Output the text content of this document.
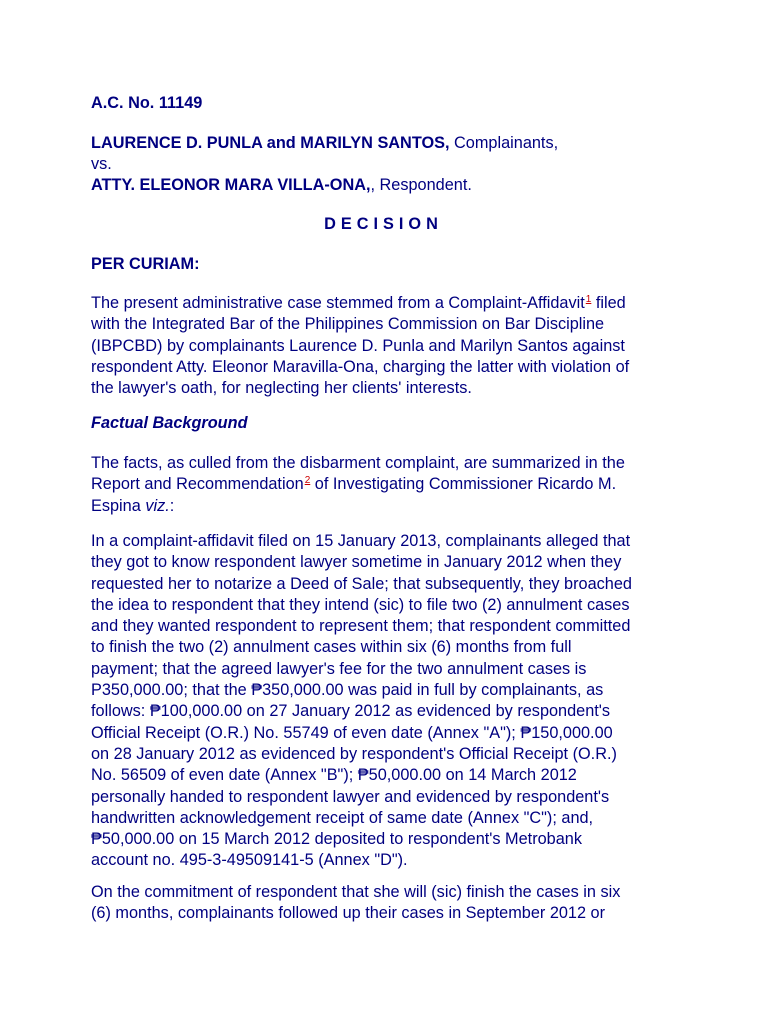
A.C. No. 11149
LAURENCE D. PUNLA and MARILYN SANTOS, Complainants,
vs.
ATTY. ELEONOR MARA VILLA-ONA,, Respondent.
DECISION
PER CURIAM:
The present administrative case stemmed from a Complaint-Affidavit$^1$ filed
with the Integrated Bar of the Philippines Commission on Bar Discipline
(IBPCBD) by complainants Laurence D. Punla and Marilyn Santos against
respondent Atty. Eleonor Maravilla-Ona, charging the latter with violation of
the lawyer's oath, for neglecting her clients' interests.
Factual Background
The facts, as culled from the disbarment complaint, are summarized in the
Report and Recommendation$^2$ of Investigating Commissioner Ricardo M.
Espina viz.:
In a complaint-affidavit filed on 15 January 2013, complainants alleged that
they got to know respondent lawyer sometime in January 2012 when they
requested her to notarize a Deed of Sale; that subsequently, they broached
the idea to respondent that they intend (sic) to file two (2) annulment cases
and they wanted respondent to represent them; that respondent committed
to finish the two (2) annulment cases within six (6) months from full
payment; that the agreed lawyer's fee for the two annulment cases is
P350,000.00; that the ₱350,000.00 was paid in full by complainants, as
follows: ₱100,000.00 on 27 January 2012 as evidenced by respondent's
Official Receipt (O.R.) No. 55749 of even date (Annex "A"); ₱150,000.00
on 28 January 2012 as evidenced by respondent's Official Receipt (O.R.)
No. 56509 of even date (Annex "B"); ₱50,000.00 on 14 March 2012
personally handed to respondent lawyer and evidenced by respondent's
handwritten acknowledgement receipt of same date (Annex "C"); and,
₱50,000.00 on 15 March 2012 deposited to respondent's Metrobank
account no. 495-3-49509141-5 (Annex "D").
On the commitment of respondent that she will (sic) finish the cases in six
(6) months, complainants followed up their cases in September 2012 or
